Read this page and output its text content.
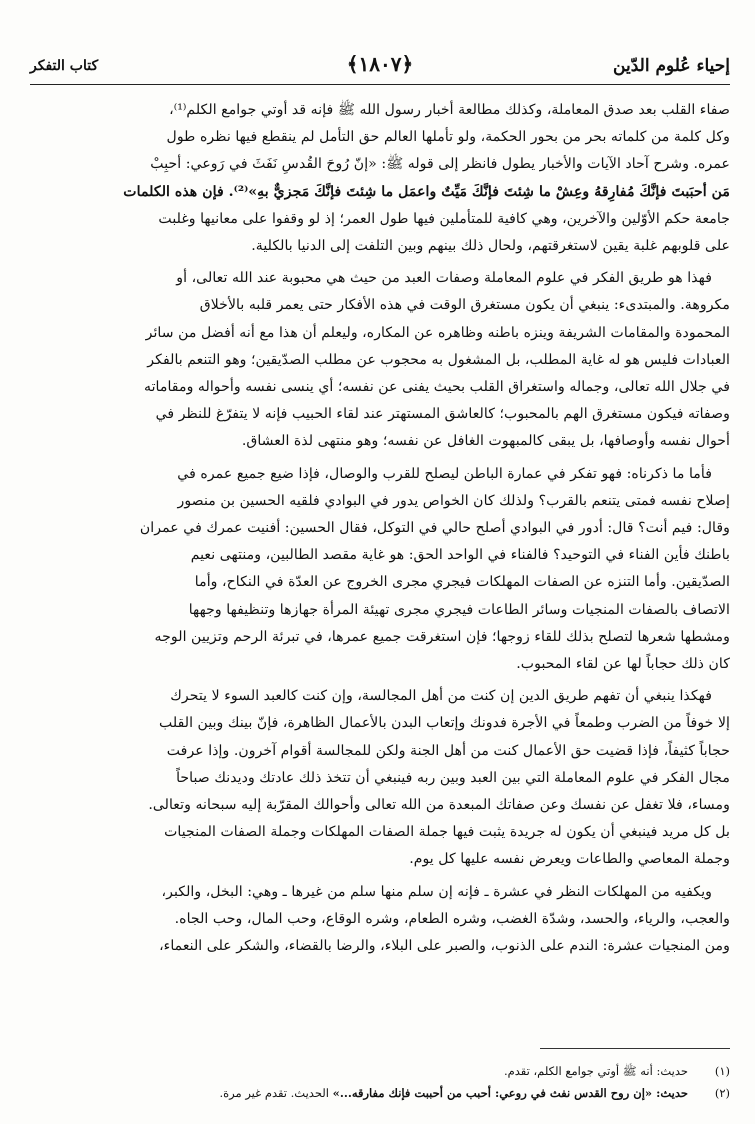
إحياء عُلوم الدّين
﴿١٨٠٧﴾
كتاب التفكر

صفاء القلب بعد صدق المعاملة، وكذلك مطالعة أخبار رسول الله ﷺ فإنه قد أوتي جوامع الكلم⁽¹⁾،

وكل كلمة من كلماته بحر من بحور الحكمة، ولو تأملها العالم حق التأمل لم ينقطع فيها نظره طول

عمره. وشرح آحاد الآيات والأخبار يطول فانظر إلى قوله ﷺ: «إنّ رُوحَ القُدسِ نَفَثَ في رَوعي: أحبِبْ

مَن أحبَبتَ فإنَّكَ مُفارِقهُ وعِشْ ما شِئتَ فإنَّكَ مَيِّتٌ واعمَل ما شِئتَ فإنَّكَ مَجزيٌّ بهِ»⁽²⁾. فإن هذه الكلمات

جامعة حكم الأوّلين والآخرين، وهي كافية للمتأملين فيها طول العمر؛ إذ لو وقفوا على معانيها وغلبت

على قلوبهم غلبة يقين لاستغرقتهم، ولحال ذلك بينهم وبين التلفت إلى الدنيا بالكلية.

فهذا هو طريق الفكر في علوم المعاملة وصفات العبد من حيث هي محبوبة عند الله تعالى، أو

مكروهة. والمبتدىء: ينبغي أن يكون مستغرق الوقت في هذه الأفكار حتى يعمر قلبه بالأخلاق

المحمودة والمقامات الشريفة وينزه باطنه وظاهره عن المكاره، وليعلم أن هذا مع أنه أفضل من سائر

العبادات فليس هو له غاية المطلب، بل المشغول به محجوب عن مطلب الصدّيقين؛ وهو التنعم بالفكر

في جلال الله تعالى، وجماله واستغراق القلب بحيث يفنى عن نفسه؛ أي ينسى نفسه وأحواله ومقاماته

وصفاته فيكون مستغرق الهم بالمحبوب؛ كالعاشق المستهتر عند لقاء الحبيب فإنه لا يتفرّغ للنظر في

أحوال نفسه وأوصافها، بل يبقى كالمبهوت الغافل عن نفسه؛ وهو منتهى لذة العشاق.

فأما ما ذكرناه: فهو تفكر في عمارة الباطن ليصلح للقرب والوصال، فإذا ضيع جميع عمره في

إصلاح نفسه فمتى يتنعم بالقرب؟ ولذلك كان الخواص يدور في البوادي فلقيه الحسين بن منصور

وقال: فيم أنت؟ قال: أدور في البوادي أصلح حالي في التوكل، فقال الحسين: أفنيت عمرك في عمران

باطنك فأين الفناء في التوحيد؟ فالفناء في الواحد الحق: هو غاية مقصد الطالبين، ومنتهى نعيم

الصدّيقين. وأما التنزه عن الصفات المهلكات فيجري مجرى الخروج عن العدّة في النكاح، وأما

الاتصاف بالصفات المنجيات وسائر الطاعات فيجري مجرى تهيئة المرأة جهازها وتنظيفها وجهها

ومشطها شعرها لتصلح بذلك للقاء زوجها؛ فإن استغرقت جميع عمرها، في تبرئة الرحم وتزيين الوجه

كان ذلك حجاباً لها عن لقاء المحبوب.

فهكذا ينبغي أن تفهم طريق الدين إن كنت من أهل المجالسة، وإن كنت كالعبد السوء لا يتحرك

إلا خوفاً من الضرب وطمعاً في الأجرة فدونك وإتعاب البدن بالأعمال الظاهرة، فإنّ بينك وبين القلب

حجاباً كثيفاً، فإذا قضيت حق الأعمال كنت من أهل الجنة ولكن للمجالسة أقوام آخرون. وإذا عرفت

مجال الفكر في علوم المعاملة التي بين العبد وبين ربه فينبغي أن تتخذ ذلك عادتك وديدنك صباحاً

ومساء، فلا تغفل عن نفسك وعن صفاتك المبعدة من الله تعالى وأحوالك المقرّبة إليه سبحانه وتعالى.

بل كل مريد فينبغي أن يكون له جريدة يثبت فيها جملة الصفات المهلكات وجملة الصفات المنجيات

وجملة المعاصي والطاعات ويعرض نفسه عليها كل يوم.

ويكفيه من المهلكات النظر في عشرة ـ فإنه إن سلم منها سلم من غيرها ـ وهي: البخل، والكبر،

والعجب، والرياء، والحسد، وشدّة الغضب، وشره الطعام، وشره الوقاع، وحب المال، وحب الجاه.

ومن المنجيات عشرة: الندم على الذنوب، والصبر على البلاء، والرضا بالقضاء، والشكر على النعماء،

(١)
حديث: أنه ﷺ أوتي جوامع الكلم، تقدم.
(٢)
حديث: «إن روح القدس نفث في روعي: أحبب من أحببت فإنك مفارقه...» الحديث. تقدم غير مرة.
